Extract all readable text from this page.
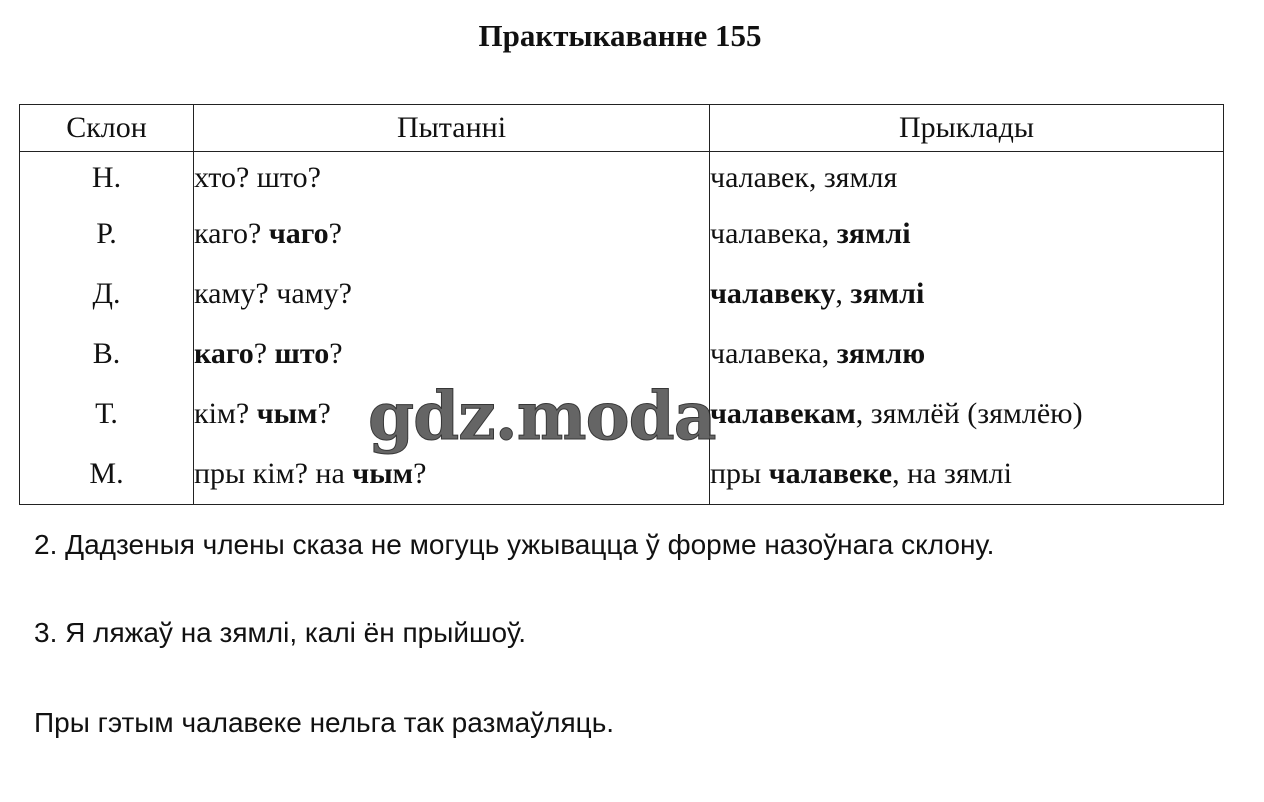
Практыкаванне 155
Склон	Пытанні	Прыклады
Н.	хто? што?	чалавек, зямля
Р.	каго? чаго?	чалавека, зямлі
Д.	каму? чаму?	чалавеку, зямлі
В.	каго? што?	чалавека, зямлю
Т.	кім? чым?	чалавекам, зямлёй (зямлёю)
М.	пры кім? на чым?	пры чалавеке, на зямлі
gdz.moda
2. Дадзеныя члены сказа не могуць ужывацца ў форме назоўнага склону.
3. Я ляжаў на зямлі, калі ён прыйшоў.
Пры гэтым чалавеке нельга так размаўляць.
